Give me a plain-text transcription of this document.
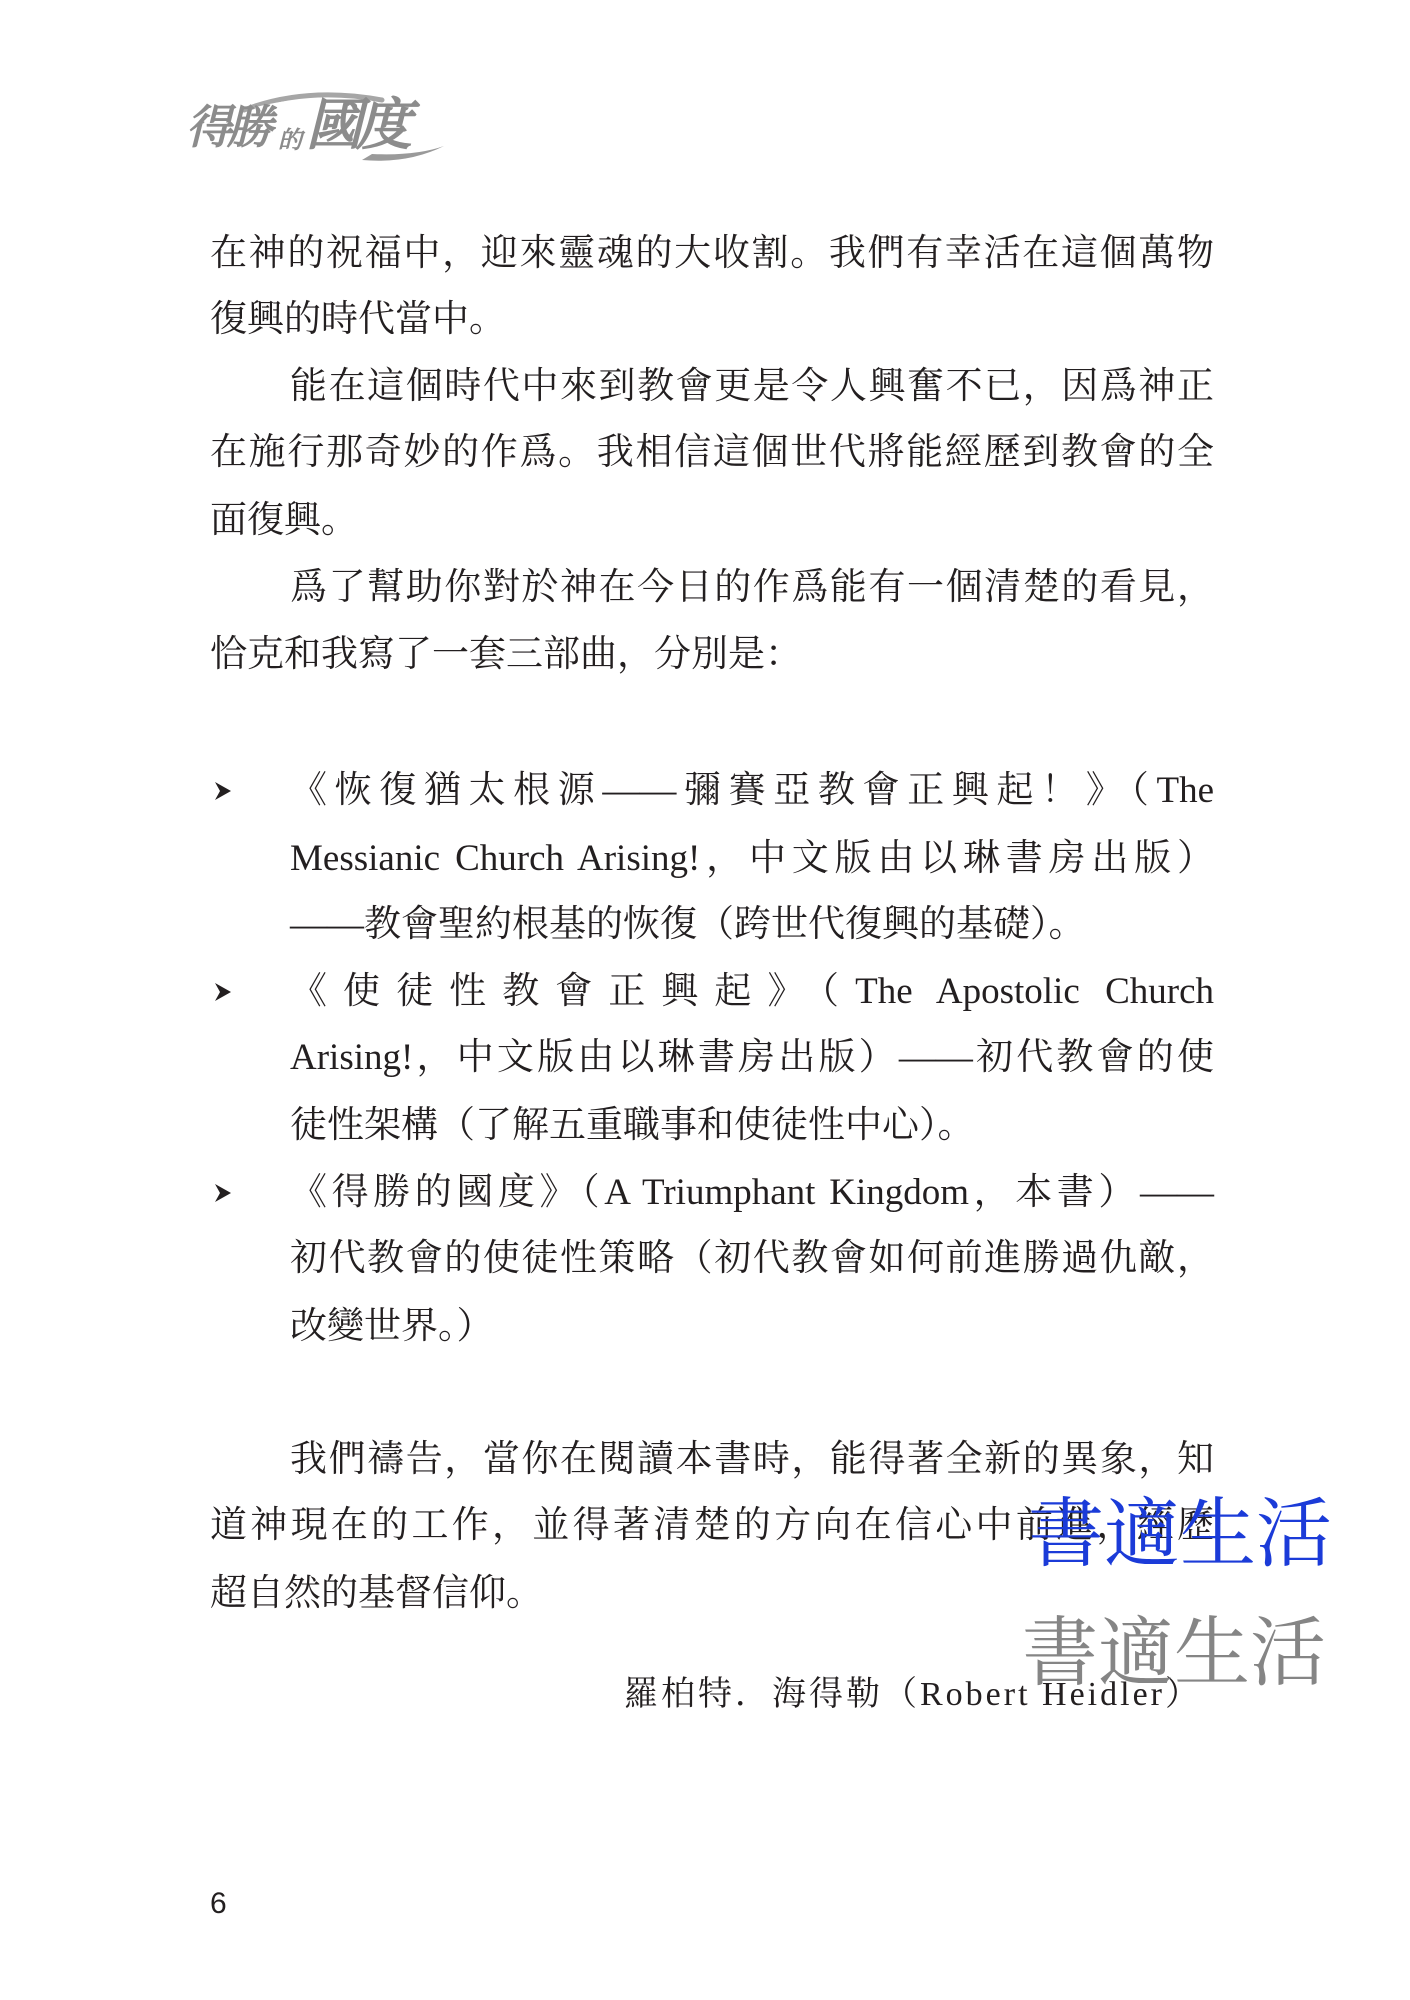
得勝 的 國度
在神的祝福中，迎來靈魂的大收割。我們有幸活在這個萬物
復興的時代當中。
能在這個時代中來到教會更是令人興奮不已，因爲神正
在施行那奇妙的作爲。我相信這個世代將能經歷到教會的全
面復興。
爲了幫助你對於神在今日的作爲能有一個清楚的看見，
恰克和我寫了一套三部曲，分別是：
《恢復猶太根源——彌賽亞教會正興起！》（The
Messianic Church Arising!，中文版由以琳書房出版）
——教會聖約根基的恢復（跨世代復興的基礎）。
《使徒性教會正興起》（The Apostolic Church
Arising!，中文版由以琳書房出版）——初代教會的使
徒性架構（了解五重職事和使徒性中心）。
《得勝的國度》（A Triumphant Kingdom，本書）——
初代教會的使徒性策略（初代教會如何前進勝過仇敵，
改變世界。）
我們禱告，當你在閱讀本書時，能得著全新的異象，知
道神現在的工作，並得著清楚的方向在信心中前進，經歷
超自然的基督信仰。
羅柏特．海得勒（Robert Heidler）
書適生活
書適生活
6
